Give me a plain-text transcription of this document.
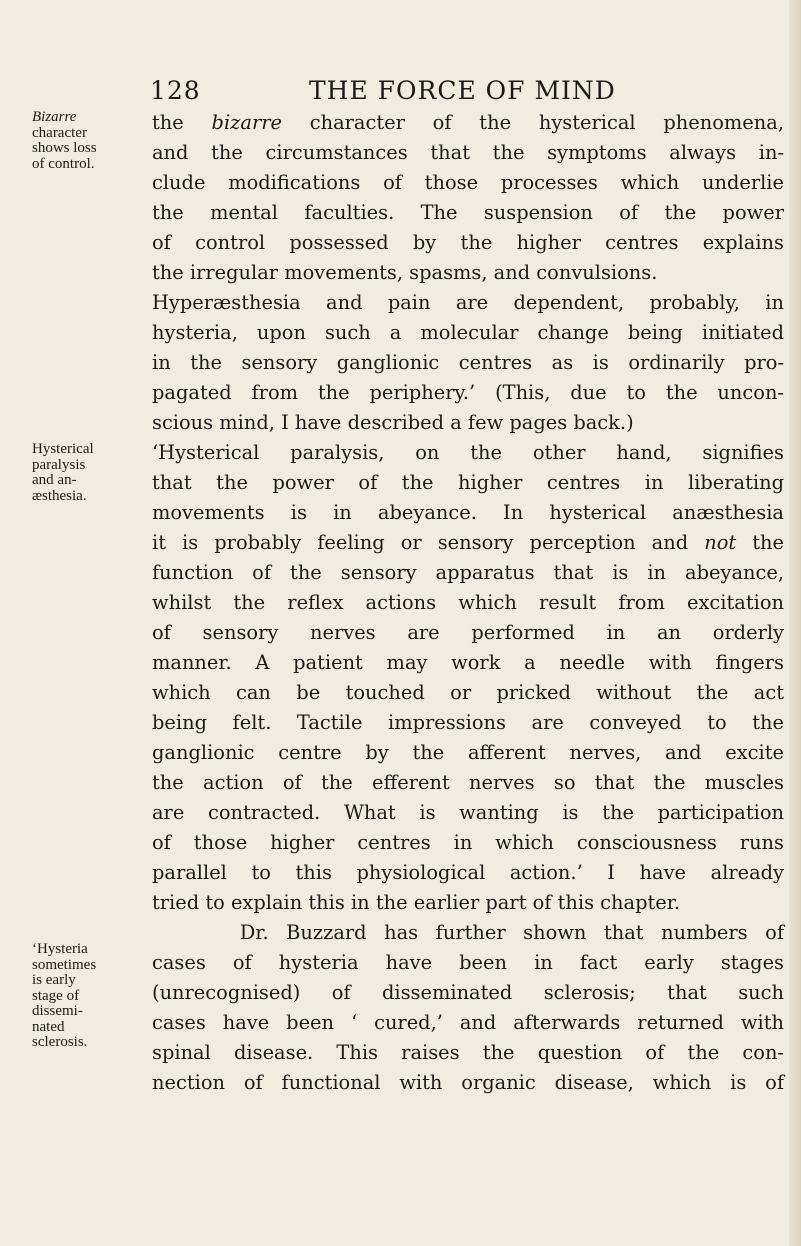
128	THE FORCE OF MIND
Bizarre
character
shows loss
of control.
Hysterical
paralysis
and an-
æsthesia.
‘Hysteria
sometimes
is early
stage of
dissemi-
nated
sclerosis.
the bizarre character of the hysterical phenomena,
and the circumstances that the symptoms always in-
clude modifications of those processes which underlie
the mental faculties. The suspension of the power
of control possessed by the higher centres explains
the irregular movements, spasms, and convulsions.
Hyperæsthesia and pain are dependent, probably, in
hysteria, upon such a molecular change being initiated
in the sensory ganglionic centres as is ordinarily pro-
pagated from the periphery.’ (This, due to the uncon-
scious mind, I have described a few pages back.)
‘Hysterical paralysis, on the other hand, signifies
that the power of the higher centres in liberating
movements is in abeyance. In hysterical anæsthesia
it is probably feeling or sensory perception and not the
function of the sensory apparatus that is in abeyance,
whilst the reflex actions which result from excitation
of sensory nerves are performed in an orderly
manner. A patient may work a needle with fingers
which can be touched or pricked without the act
being felt. Tactile impressions are conveyed to the
ganglionic centre by the afferent nerves, and excite
the action of the efferent nerves so that the muscles
are contracted. What is wanting is the participation
of those higher centres in which consciousness runs
parallel to this physiological action.’ I have already
tried to explain this in the earlier part of this chapter.
Dr. Buzzard has further shown that numbers of
cases of hysteria have been in fact early stages
(unrecognised) of disseminated sclerosis; that such
cases have been ‘ cured,’ and afterwards returned with
spinal disease. This raises the question of the con-
nection of functional with organic disease, which is of
